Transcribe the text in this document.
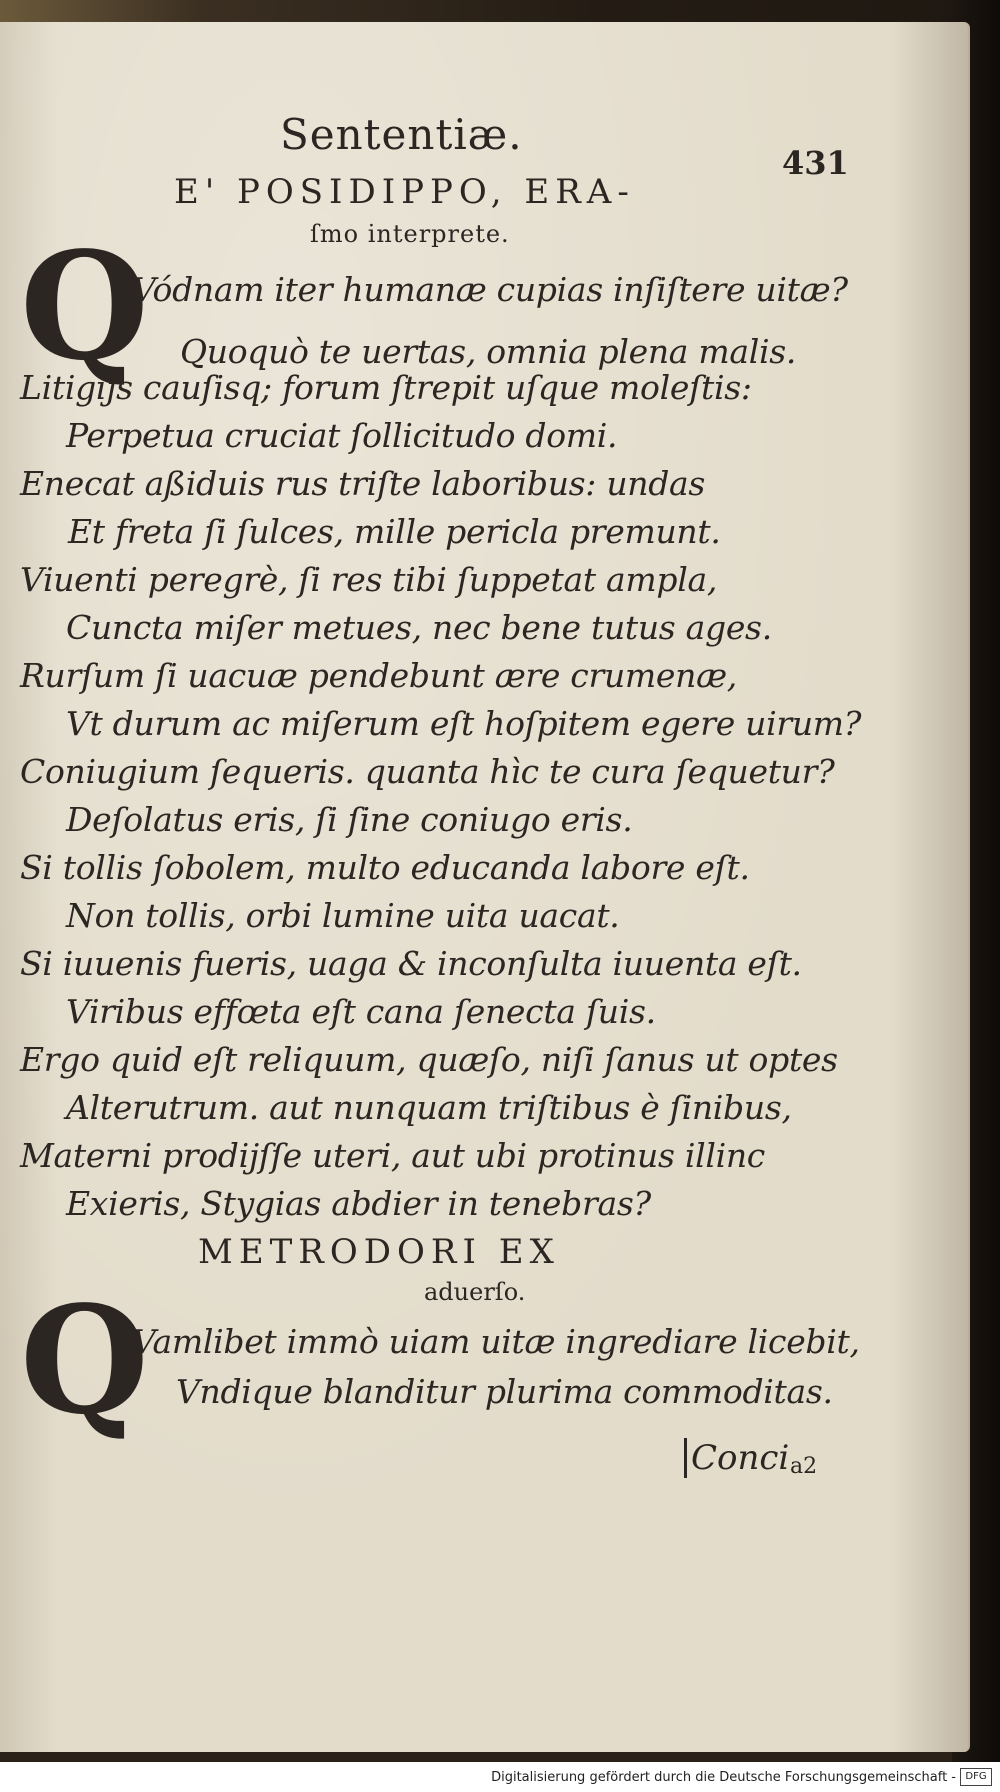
Sententiæ.
431
E' POSIDIPPO, ERA-
ſmo interprete.
Q
Vódnam iter humanæ cupias inſiſtere uitæ?
Quoquò te uertas, omnia plena malis.
Litigijs cauſisq; forum ſtrepit uſque moleſtis:
Perpetua cruciat ſollicitudo domi.
Enecat aßiduis rus triſte laboribus: undas
Et freta ſi ſulces, mille pericla premunt.
Viuenti peregrè, ſi res tibi ſuppetat ampla,
Cuncta miſer metues, nec bene tutus ages.
Rurſum ſi uacuæ pendebunt ære crumenæ,
Vt durum ac miſerum eſt hoſpitem egere uirum?
Coniugium ſequeris. quanta hìc te cura ſequetur?
Deſolatus eris, ſi ſine coniugo eris.
Si tollis ſobolem, multo educanda labore eſt.
Non tollis, orbi lumine uita uacat.
Si iuuenis fueris, uaga & inconſulta iuuenta eſt.
Viribus effœta eſt cana ſenecta ſuis.
Ergo quid eſt reliquum, quæſo, niſi ſanus ut optes
Alterutrum. aut nunquam triſtibus è ſinibus,
Materni prodijſſe uteri, aut ubi protinus illinc
Exieris, Stygias abdier in tenebras?
METRODORI EX
aduerſo.
Q
Vamlibet immò uiam uitæ ingrediare licebit,
Vndique blanditur plurima commoditas.
Conci a2
Digitalisierung gefördert durch die Deutsche Forschungsgemeinschaft - DFG
